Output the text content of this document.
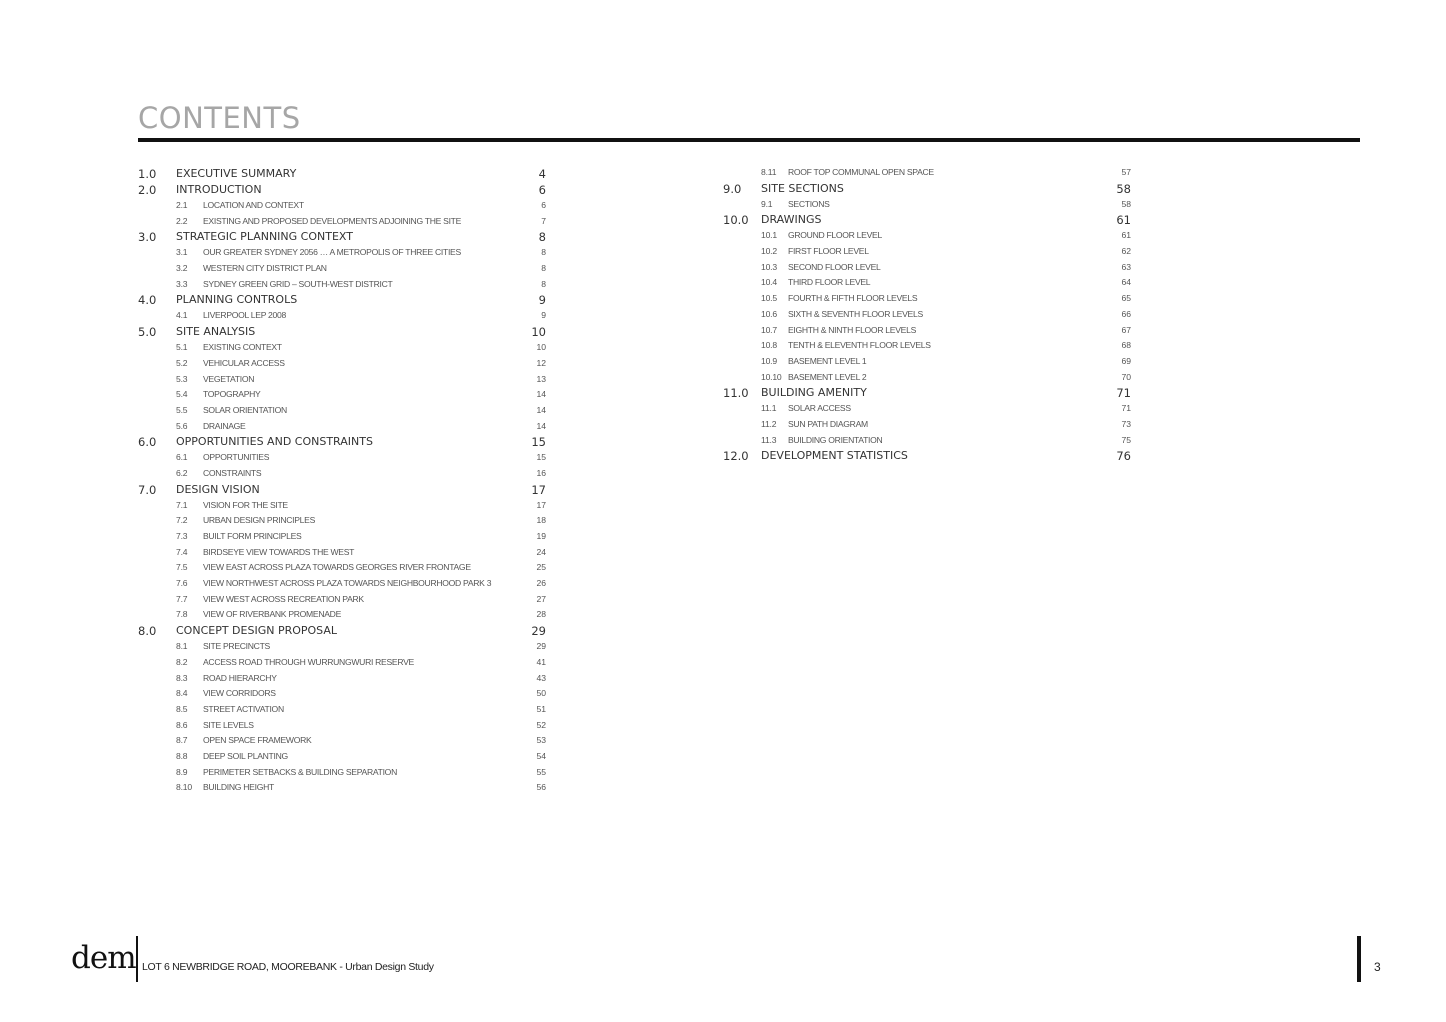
CONTENTS
1.0 EXECUTIVE SUMMARY	4
2.0 INTRODUCTION	6
2.1 LOCATION AND CONTEXT	6
2.2 EXISTING AND PROPOSED DEVELOPMENTS ADJOINING THE SITE	7
3.0 STRATEGIC PLANNING CONTEXT	8
3.1 OUR GREATER SYDNEY 2056 … A METROPOLIS OF THREE CITIES	8
3.2 WESTERN CITY DISTRICT PLAN	8
3.3 SYDNEY GREEN GRID – SOUTH-WEST DISTRICT	8
4.0 PLANNING CONTROLS	9
4.1 LIVERPOOL LEP 2008	9
5.0 SITE ANALYSIS	10
5.1 EXISTING CONTEXT	10
5.2 VEHICULAR ACCESS	12
5.3 VEGETATION	13
5.4 TOPOGRAPHY	14
5.5 SOLAR ORIENTATION	14
5.6 DRAINAGE	14
6.0 OPPORTUNITIES AND CONSTRAINTS	15
6.1 OPPORTUNITIES	15
6.2 CONSTRAINTS	16
7.0 DESIGN VISION	17
7.1 VISION FOR THE SITE	17
7.2 URBAN DESIGN PRINCIPLES	18
7.3 BUILT FORM PRINCIPLES	19
7.4 BIRDSEYE VIEW TOWARDS THE WEST	24
7.5 VIEW EAST ACROSS PLAZA TOWARDS GEORGES RIVER FRONTAGE	25
7.6 VIEW NORTHWEST ACROSS PLAZA TOWARDS NEIGHBOURHOOD PARK 3	26
7.7 VIEW WEST ACROSS RECREATION PARK	27
7.8 VIEW OF RIVERBANK PROMENADE	28
8.0 CONCEPT DESIGN PROPOSAL	29
8.1 SITE PRECINCTS	29
8.2 ACCESS ROAD THROUGH WURRUNGWURI RESERVE	41
8.3 ROAD HIERARCHY	43
8.4 VIEW CORRIDORS	50
8.5 STREET ACTIVATION	51
8.6 SITE LEVELS	52
8.7 OPEN SPACE FRAMEWORK	53
8.8 DEEP SOIL PLANTING	54
8.9 PERIMETER SETBACKS & BUILDING SEPARATION	55
8.10 BUILDING HEIGHT	56
8.11 ROOF TOP COMMUNAL OPEN SPACE	57
9.0 SITE SECTIONS	58
9.1 SECTIONS	58
10.0 DRAWINGS	61
10.1 GROUND FLOOR LEVEL	61
10.2 FIRST FLOOR LEVEL	62
10.3 SECOND FLOOR LEVEL	63
10.4 THIRD FLOOR LEVEL	64
10.5 FOURTH & FIFTH FLOOR LEVELS	65
10.6 SIXTH & SEVENTH FLOOR LEVELS	66
10.7 EIGHTH & NINTH FLOOR LEVELS	67
10.8 TENTH & ELEVENTH FLOOR LEVELS	68
10.9 BASEMENT LEVEL 1	69
10.10 BASEMENT LEVEL 2	70
11.0 BUILDING AMENITY	71
11.1 SOLAR ACCESS	71
11.2 SUN PATH DIAGRAM	73
11.3 BUILDING ORIENTATION	75
12.0 DEVELOPMENT STATISTICS	76
dem LOT 6 NEWBRIDGE ROAD, MOOREBANK - Urban Design Study	3
